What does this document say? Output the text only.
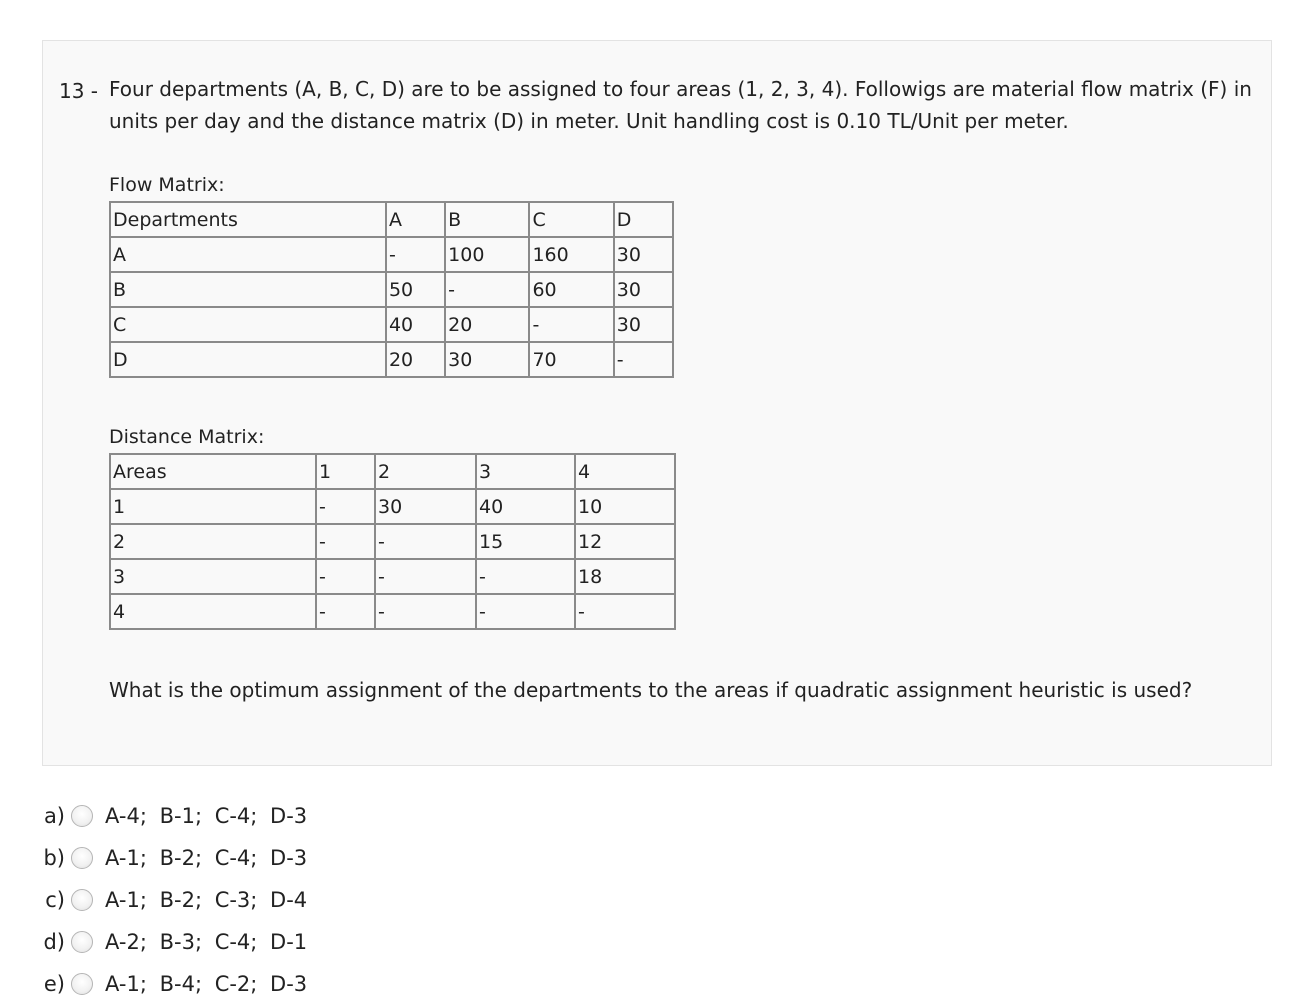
13 - Four departments (A, B, C, D) are to be assigned to four areas (1, 2, 3, 4). Followigs are material flow matrix (F) in units per day and the distance matrix (D) in meter. Unit handling cost is 0.10 TL/Unit per meter.
Flow Matrix:
Departments	A	B	C	D
A	-	100	160	30
B	50	-	60	30
C	40	20	-	30
D	20	30	70	-
Distance Matrix:
Areas	1	2	3	4
1	-	30	40	10
2	-	-	15	12
3	-	-	-	18
4	-	-	-	-
What is the optimum assignment of the departments to the areas if quadratic assignment heuristic is used?
a) A-4; B-1; C-4; D-3
b) A-1; B-2; C-4; D-3
c) A-1; B-2; C-3; D-4
d) A-2; B-3; C-4; D-1
e) A-1; B-4; C-2; D-3
